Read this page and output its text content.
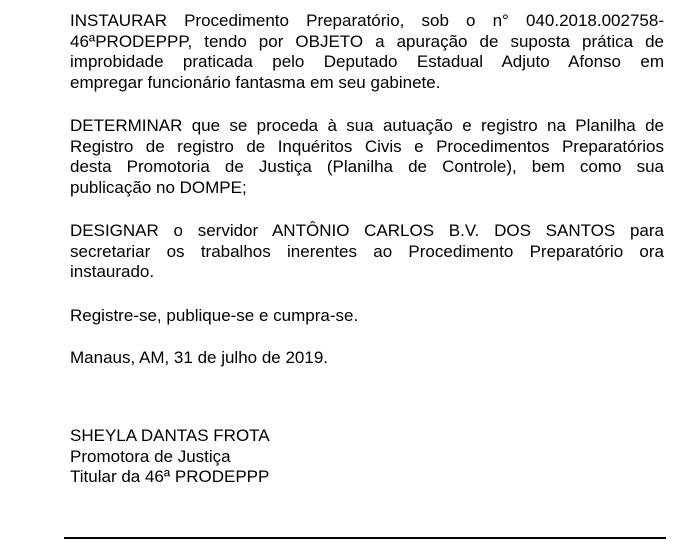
INSTAURAR Procedimento Preparatório, sob o n° 040.2018.002758-
46ªPRODEPPP, tendo por OBJETO a apuração de suposta prática de
improbidade praticada pelo Deputado Estadual Adjuto Afonso em
empregar funcionário fantasma em seu gabinete.

DETERMINAR que se proceda à sua autuação e registro na Planilha de
Registro de registro de Inquéritos Civis e Procedimentos Preparatórios
desta Promotoria de Justiça (Planilha de Controle), bem como sua
publicação no DOMPE;

DESIGNAR o servidor ANTÔNIO CARLOS B.V. DOS SANTOS para
secretariar os trabalhos inerentes ao Procedimento Preparatório ora
instaurado.

Registre-se, publique-se e cumpra-se.

Manaus, AM, 31 de julho de 2019.

SHEYLA DANTAS FROTA
Promotora de Justiça
Titular da 46ª PRODEPPP
